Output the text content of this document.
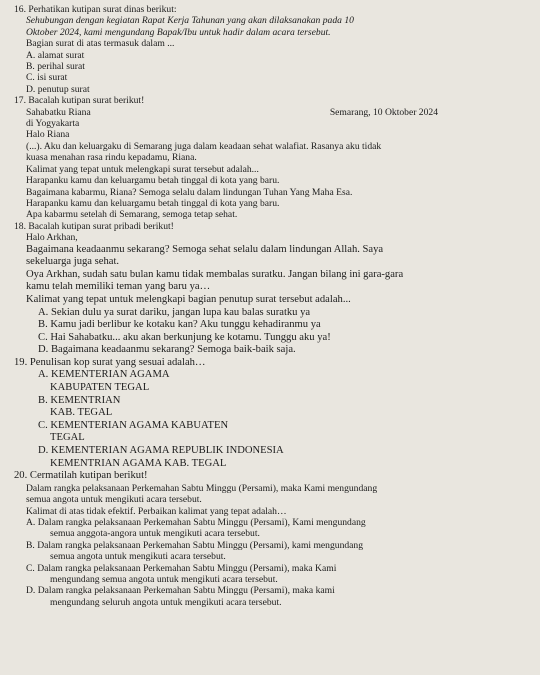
16. Perhatikan kutipan surat dinas berikut:
Sehubungan dengan kegiatan Rapat Kerja Tahunan yang akan dilaksanakan pada 10
Oktober 2024, kami mengundang Bapak/Ibu untuk hadir dalam acara tersebut.
Bagian surat di atas termasuk dalam ...
A. alamat surat
B. perihal surat
C. isi surat
D. penutup surat
17. Bacalah kutipan surat berikut!
Sahabatku Riana	Semarang, 10 Oktober 2024
di Yogyakarta
Halo Riana
(...). Aku dan keluargaku di Semarang juga dalam keadaan sehat walafiat. Rasanya aku tidak
kuasa menahan rasa rindu kepadamu, Riana.
Kalimat yang tepat untuk melengkapi surat tersebut adalah...
Harapanku kamu dan keluargamu betah tinggal di kota yang baru.
Bagaimana kabarmu, Riana? Semoga selalu dalam lindungan Tuhan Yang Maha Esa.
Harapanku kamu dan keluargamu betah tinggal di kota yang baru.
Apa kabarmu setelah di Semarang, semoga tetap sehat.
18. Bacalah kutipan surat pribadi berikut!
Halo Arkhan,
Bagaimana keadaanmu sekarang? Semoga sehat selalu dalam lindungan Allah. Saya
sekeluarga juga sehat.
Oya Arkhan, sudah satu bulan kamu tidak membalas suratku. Jangan bilang ini gara-gara
kamu telah memiliki teman yang baru ya…
Kalimat yang tepat untuk melengkapi bagian penutup surat tersebut adalah...
A. Sekian dulu ya surat dariku, jangan lupa kau balas suratku ya
B. Kamu jadi berlibur ke kotaku kan? Aku tunggu kehadiranmu ya
C. Hai Sahabatku... aku akan berkunjung ke kotamu. Tunggu aku ya!
D. Bagaimana keadaanmu sekarang? Semoga baik-baik saja.
19. Penulisan kop surat yang sesuai adalah…
A. KEMENTERIAN AGAMA
KABUPATEN TEGAL
B. KEMENTRIAN
KAB. TEGAL
C. KEMENTERIAN AGAMA KABUATEN
TEGAL
D. KEMENTERIAN AGAMA REPUBLIK INDONESIA
KEMENTRIAN AGAMA KAB. TEGAL
20. Cermatilah kutipan berikut!
Dalam rangka pelaksanaan Perkemahan Sabtu Minggu (Persami), maka Kami mengundang
semua angota untuk mengikuti acara tersebut.
Kalimat di atas tidak efektif. Perbaikan kalimat yang tepat adalah…
A. Dalam rangka pelaksanaan Perkemahan Sabtu Minggu (Persami), Kami mengundang
semua anggota-angora untuk mengikuti acara tersebut.
B. Dalam rangka pelaksanaan Perkemahan Sabtu Minggu (Persami), kami mengundang
semua angota untuk mengikuti acara tersebut.
C. Dalam rangka pelaksanaan Perkemahan Sabtu Minggu (Persami), maka Kami
mengundang semua angota untuk mengikuti acara tersebut.
D. Dalam rangka pelaksanaan Perkemahan Sabtu Minggu (Persami), maka kami
mengundang seluruh angota untuk mengikuti acara tersebut.
